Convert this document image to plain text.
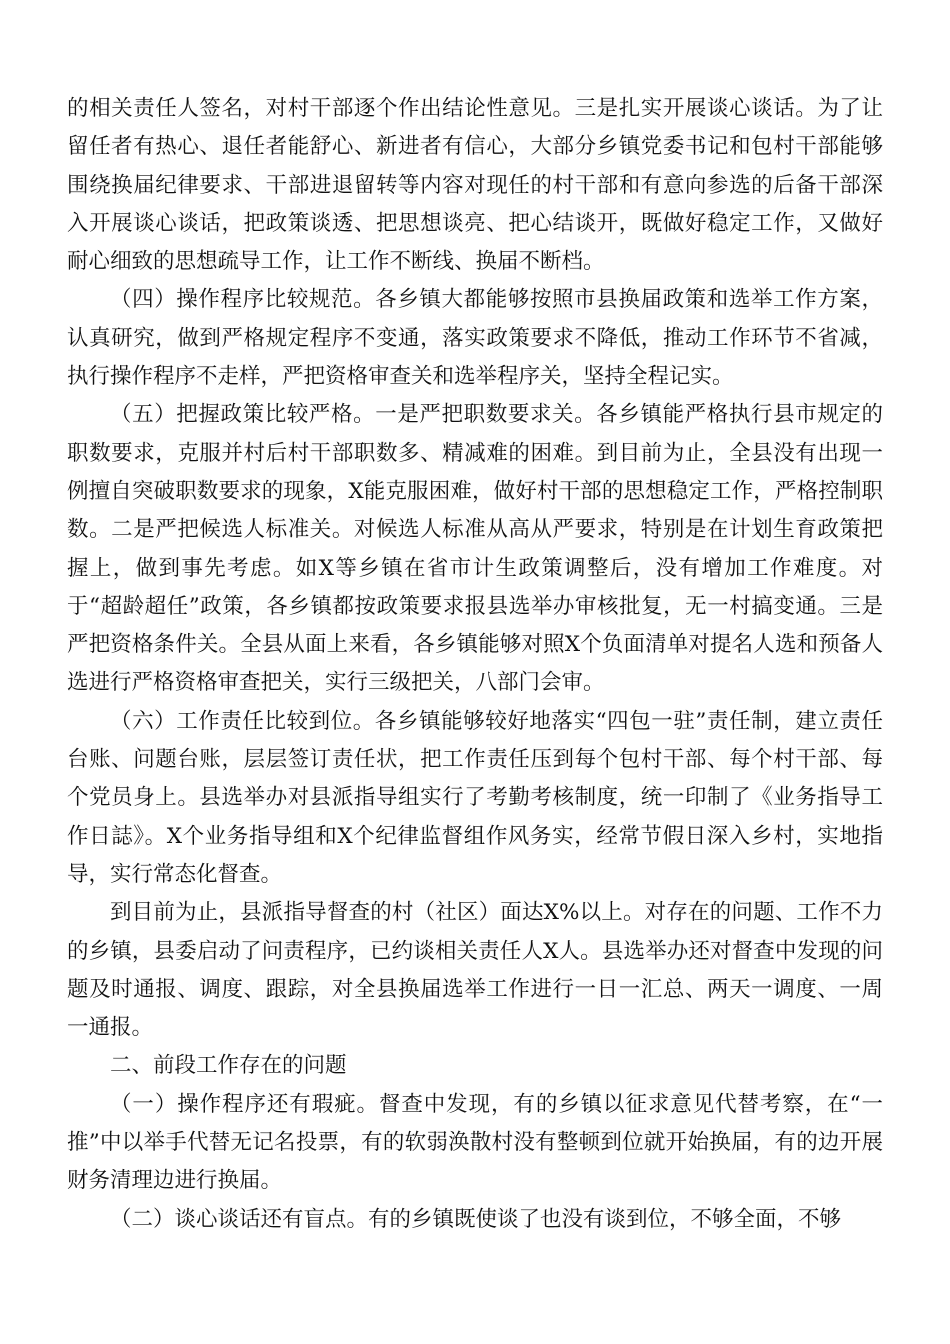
的相关责任人签名，对村干部逐个作出结论性意见。三是扎实开展谈心谈话。为了让留任者有热心、退任者能舒心、新进者有信心，大部分乡镇党委书记和包村干部能够围绕换届纪律要求、干部进退留转等内容对现任的村干部和有意向参选的后备干部深入开展谈心谈话，把政策谈透、把思想谈亮、把心结谈开，既做好稳定工作，又做好耐心细致的思想疏导工作，让工作不断线、换届不断档。

（四）操作程序比较规范。各乡镇大都能够按照市县换届政策和选举工作方案，认真研究，做到严格规定程序不变通，落实政策要求不降低，推动工作环节不省减，执行操作程序不走样，严把资格审查关和选举程序关，坚持全程记实。

（五）把握政策比较严格。一是严把职数要求关。各乡镇能严格执行县市规定的职数要求，克服并村后村干部职数多、精减难的困难。到目前为止，全县没有出现一例擅自突破职数要求的现象，X能克服困难，做好村干部的思想稳定工作，严格控制职数。二是严把候选人标准关。对候选人标准从高从严要求，特别是在计划生育政策把握上，做到事先考虑。如X等乡镇在省市计生政策调整后，没有增加工作难度。对于“超龄超任”政策，各乡镇都按政策要求报县选举办审核批复，无一村搞变通。三是严把资格条件关。全县从面上来看，各乡镇能够对照X个负面清单对提名人选和预备人选进行严格资格审查把关，实行三级把关，八部门会审。

（六）工作责任比较到位。各乡镇能够较好地落实“四包一驻”责任制，建立责任台账、问题台账，层层签订责任状，把工作责任压到每个包村干部、每个村干部、每个党员身上。县选举办对县派指导组实行了考勤考核制度，统一印制了《业务指导工作日誌》。X个业务指导组和X个纪律监督组作风务实，经常节假日深入乡村，实地指导，实行常态化督查。

到目前为止，县派指导督查的村（社区）面达X%以上。对存在的问题、工作不力的乡镇，县委启动了问责程序，已约谈相关责任人X人。县选举办还对督查中发现的问题及时通报、调度、跟踪，对全县换届选举工作进行一日一汇总、两天一调度、一周一通报。

二、前段工作存在的问题

（一）操作程序还有瑕疵。督查中发现，有的乡镇以征求意见代替考察，在“一推”中以举手代替无记名投票，有的软弱涣散村没有整顿到位就开始换届，有的边开展财务清理边进行换届。

（二）谈心谈话还有盲点。有的乡镇既使谈了也没有谈到位，不够全面，不够
